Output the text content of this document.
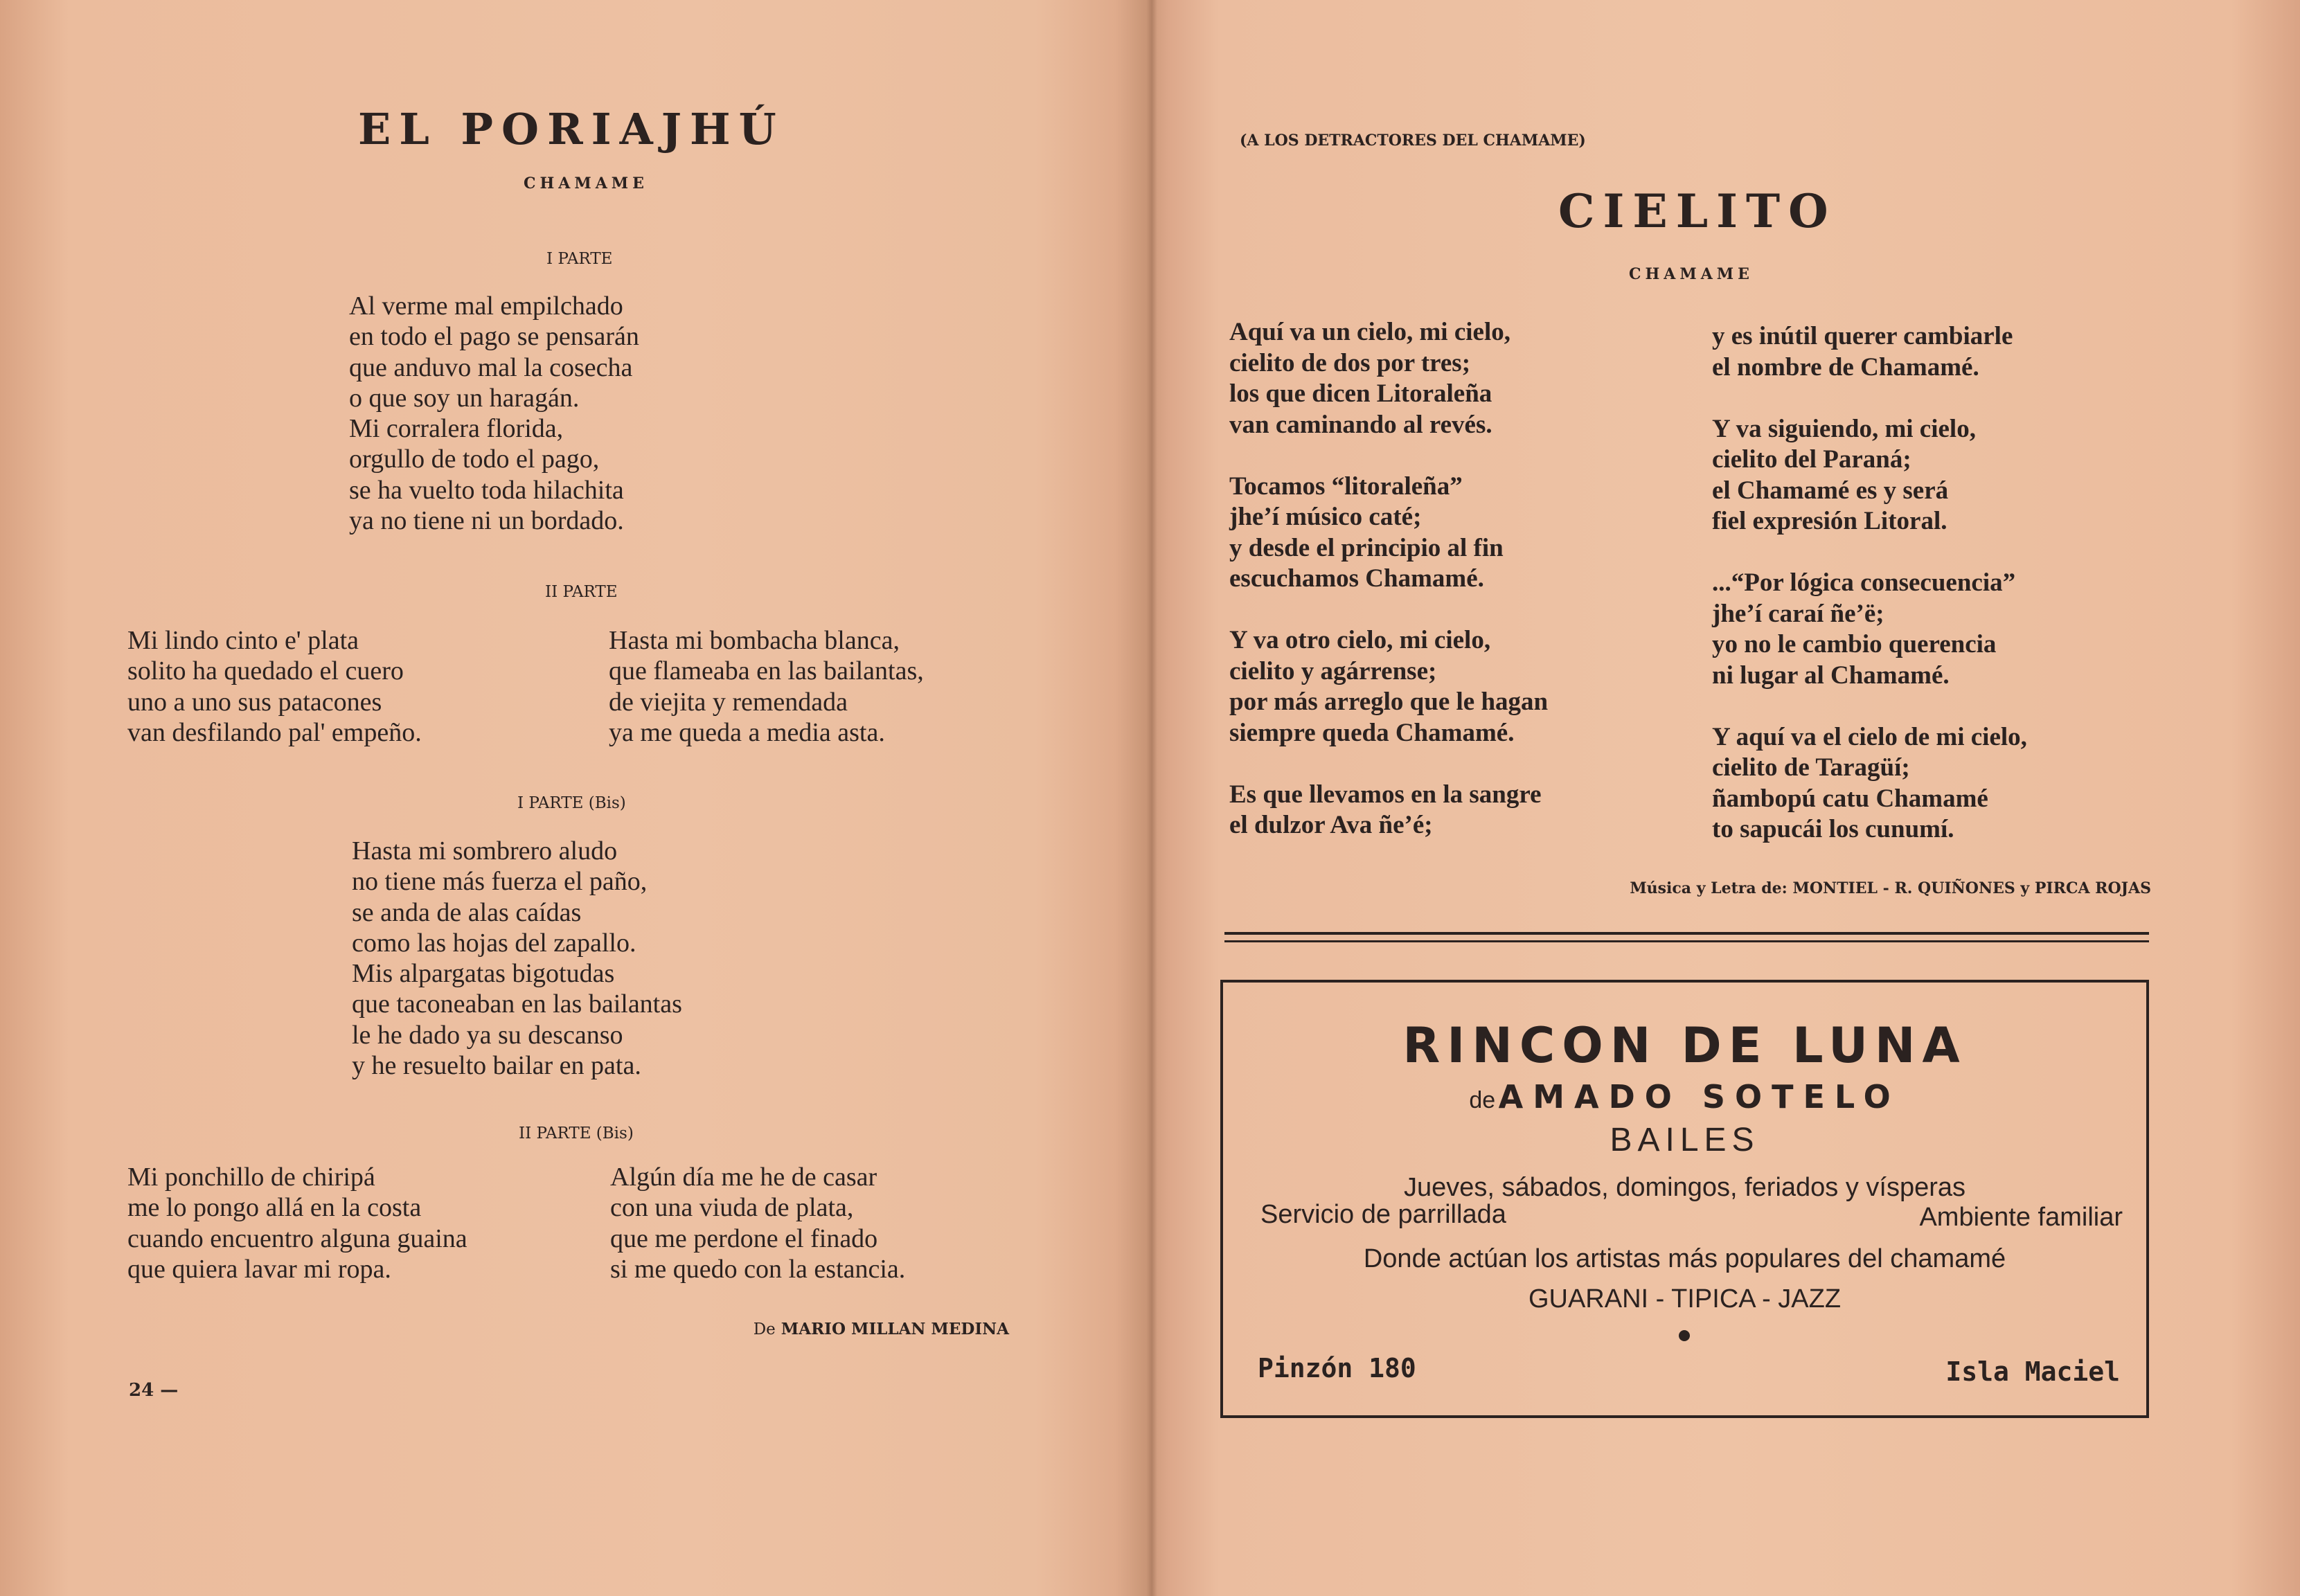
EL PORIAJHÚ
CHAMAME
I PARTE
Al verme mal empilchado
en todo el pago se pensarán
que anduvo mal la cosecha
o que soy un haragán.
Mi corralera florida,
orgullo de todo el pago,
se ha vuelto toda hilachita
ya no tiene ni un bordado.
II PARTE
Mi lindo cinto e' plata
solito ha quedado el cuero
uno a uno sus patacones
van desfilando pal' empeño.
Hasta mi bombacha blanca,
que flameaba en las bailantas,
de viejita y remendada
ya me queda a media asta.
I PARTE (Bis)
Hasta mi sombrero aludo
no tiene más fuerza el paño,
se anda de alas caídas
como las hojas del zapallo.
Mis alpargatas bigotudas
que taconeaban en las bailantas
le he dado ya su descanso
y he resuelto bailar en pata.
II PARTE (Bis)
Mi ponchillo de chiripá
me lo pongo allá en la costa
cuando encuentro alguna guaina
que quiera lavar mi ropa.
Algún día me he de casar
con una viuda de plata,
que me perdone el finado
si me quedo con la estancia.
De MARIO MILLAN MEDINA
24 —
(A LOS DETRACTORES DEL CHAMAME)
CIELITO
CHAMAME
Aquí va un cielo, mi cielo,
cielito de dos por tres;
los que dicen Litoraleña
van caminando al revés.

Tocamos “litoraleña”
jhe’í músico caté;
y desde el principio al fin
escuchamos Chamamé.

Y va otro cielo, mi cielo,
cielito y agárrense;
por más arreglo que le hagan
siempre queda Chamamé.

Es que llevamos en la sangre
el dulzor Ava ñe’é;
y es inútil querer cambiarle
el nombre de Chamamé.

Y va siguiendo, mi cielo,
cielito del Paraná;
el Chamamé es y será
fiel expresión Litoral.

...“Por lógica consecuencia”
jhe’í caraí ñe’ë;
yo no le cambio querencia
ni lugar al Chamamé.

Y aquí va el cielo de mi cielo,
cielito de Taragüí;
ñambopú catu Chamamé
to sapucái los cunumí.
Música y Letra de: MONTIEL - R. QUIÑONES y PIRCA ROJAS
RINCON DE LUNA
de AMADO SOTELO
BAILES
Jueves, sábados, domingos, feriados y vísperas
Servicio de parrillada	Ambiente familiar
Donde actúan los artistas más populares del chamamé
GUARANI - TIPICA - JAZZ
Pinzón 180	Isla Maciel
